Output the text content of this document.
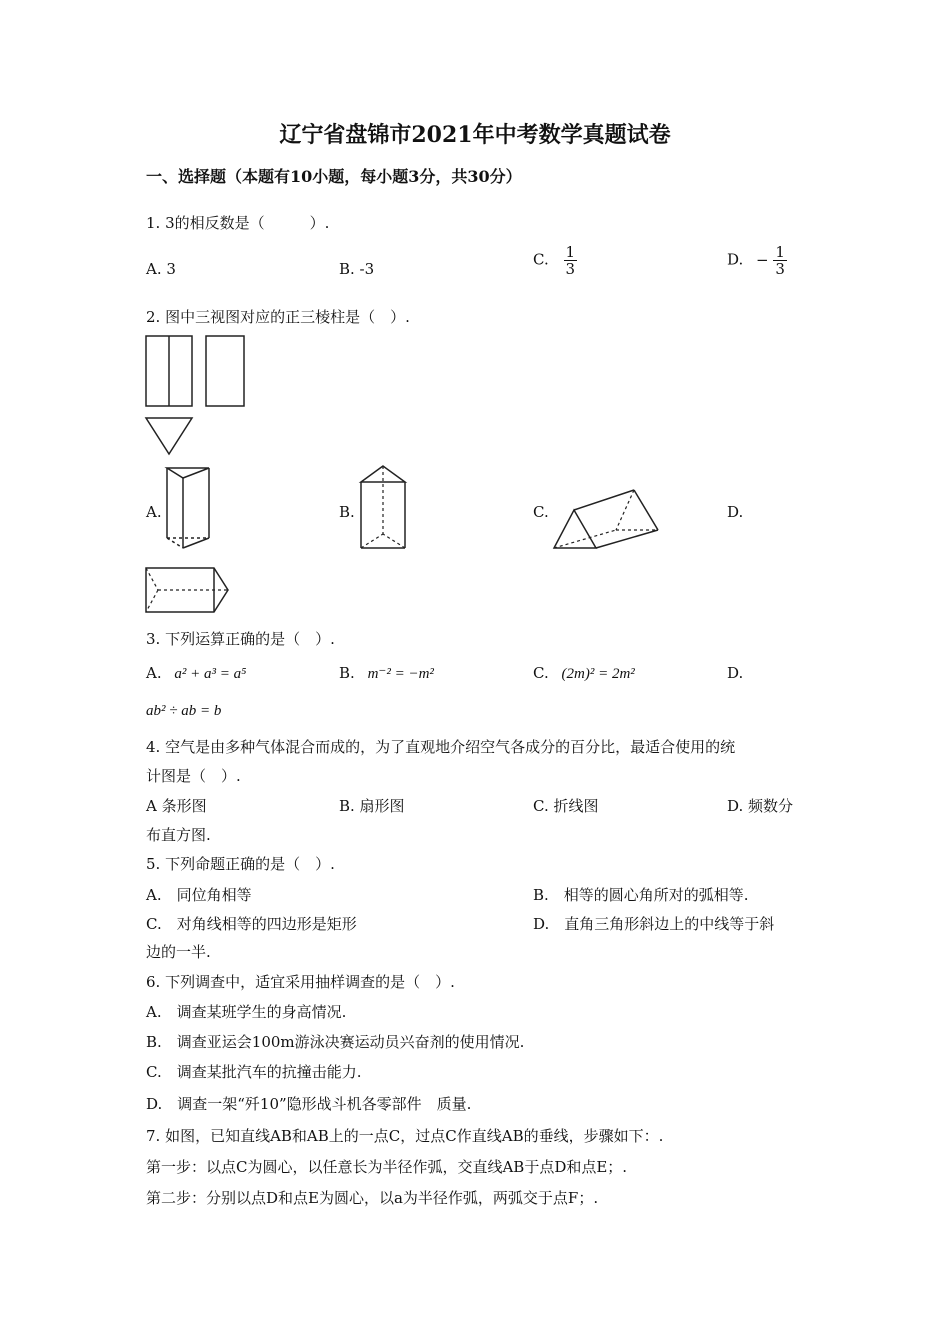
辽宁省盘锦市2021年中考数学真题试卷
一、选择题（本题有10小题，每小题3分，共30分）
1. 3的相反数是（　　　）.
A. 3	B. -3
C. $\frac{1}{3}$	D. − $\frac{1}{3}$
2. 图中三视图对应的正三棱柱是（　）.
A.	B.	C.	D.
3. 下列运算正确的是（　）.
A. a² + a³ = a⁵	B. m⁻² = −m²	C. (2m)² = 2m²	D.
ab² ÷ ab = b
4. 空气是由多种气体混合而成的，为了直观地介绍空气各成分的百分比，最适合使用的统
计图是（　）.
A 条形图	B. 扇形图	C. 折线图	D. 频数分
布直方图.
5. 下列命题正确的是（　）.
A.　同位角相等	B.　相等的圆心角所对的弧相等.
C.　对角线相等的四边形是矩形	D.　直角三角形斜边上的中线等于斜
边的一半.
6. 下列调查中，适宜采用抽样调查的是（　）.
A.　调查某班学生的身高情况.
B.　调查亚运会100m游泳决赛运动员兴奋剂的使用情况.
C.　调查某批汽车的抗撞击能力.
D.　调查一架“歼10”隐形战斗机各零部件　质量.
7. 如图，已知直线AB和AB上的一点C，过点C作直线AB的垂线，步骤如下：.
第一步：以点C为圆心，以任意长为半径作弧，交直线AB于点D和点E；.
第二步：分别以点D和点E为圆心，以a为半径作弧，两弧交于点F；.
